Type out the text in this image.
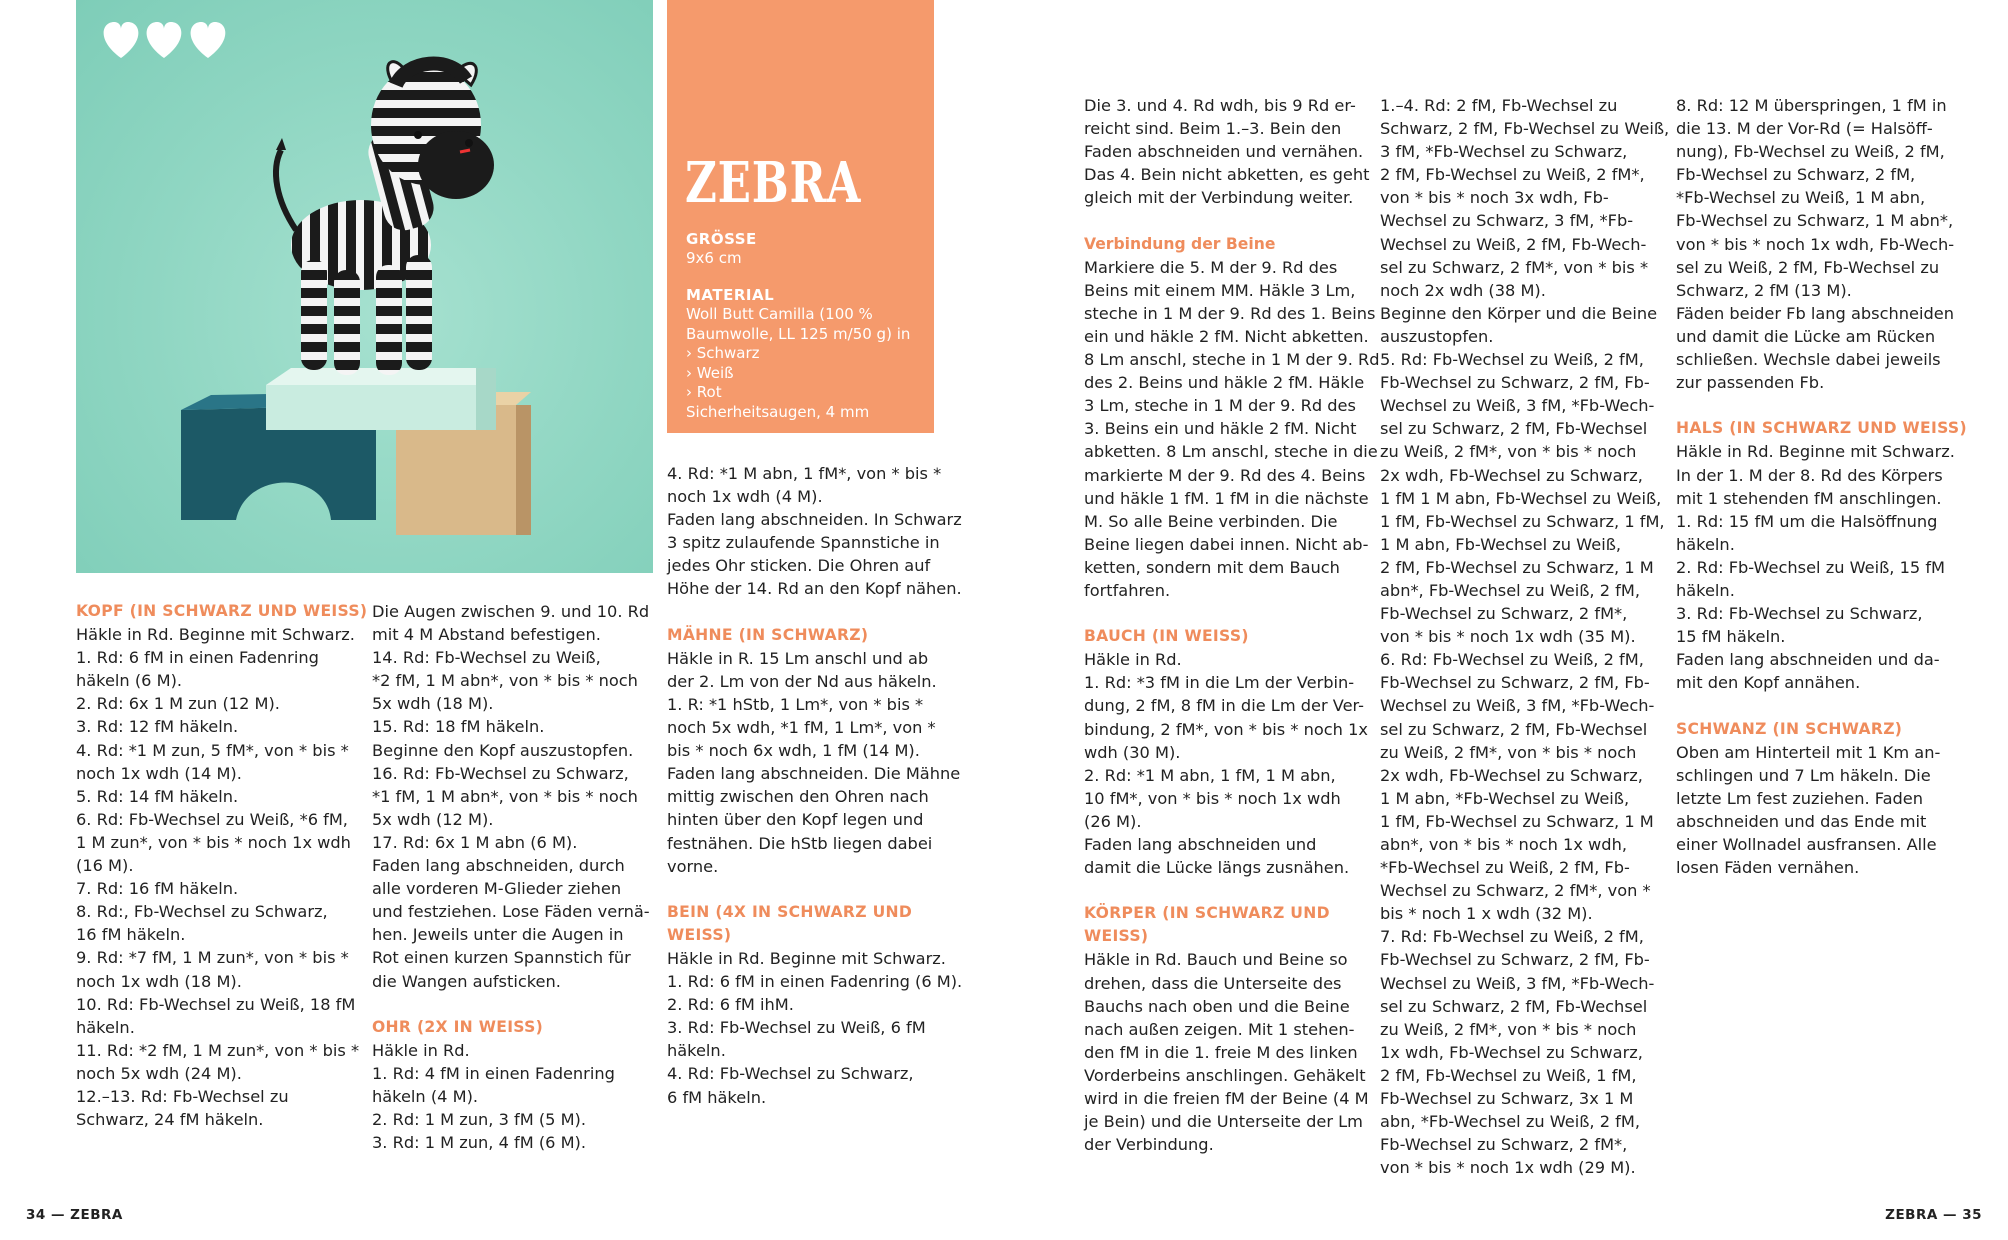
ZEBRA
GRÖSSE
9x6 cm
MATERIAL
Woll Butt Camilla (100 %
Baumwolle, LL 125 m/50 g) in
› Schwarz
› Weiß
› Rot
Sicherheitsaugen, 4 mm
KOPF (IN SCHWARZ UND WEISS)
Häkle in Rd. Beginne mit Schwarz.
1. Rd: 6 fM in einen Fadenring
häkeln (6 M).
2. Rd: 6x 1 M zun (12 M).
3. Rd: 12 fM häkeln.
4. Rd: *1 M zun, 5 fM*, von * bis *
noch 1x wdh (14 M).
5. Rd: 14 fM häkeln.
6. Rd: Fb-Wechsel zu Weiß, *6 fM,
1 M zun*, von * bis * noch 1x wdh
(16 M).
7. Rd: 16 fM häkeln.
8. Rd:, Fb-Wechsel zu Schwarz,
16 fM häkeln.
9. Rd: *7 fM, 1 M zun*, von * bis *
noch 1x wdh (18 M).
10. Rd: Fb-Wechsel zu Weiß, 18 fM
häkeln.
11. Rd: *2 fM, 1 M zun*, von * bis *
noch 5x wdh (24 M).
12.–13. Rd: Fb-Wechsel zu
Schwarz, 24 fM häkeln.
Die Augen zwischen 9. und 10. Rd
mit 4 M Abstand befestigen.
14. Rd: Fb-Wechsel zu Weiß,
*2 fM, 1 M abn*, von * bis * noch
5x wdh (18 M).
15. Rd: 18 fM häkeln.
Beginne den Kopf auszustopfen.
16. Rd: Fb-Wechsel zu Schwarz,
*1 fM, 1 M abn*, von * bis * noch
5x wdh (12 M).
17. Rd: 6x 1 M abn (6 M).
Faden lang abschneiden, durch
alle vorderen M-Glieder ziehen
und festziehen. Lose Fäden vernä-
hen. Jeweils unter die Augen in
Rot einen kurzen Spannstich für
die Wangen aufsticken.
OHR (2X IN WEISS)
Häkle in Rd.
1. Rd: 4 fM in einen Fadenring
häkeln (4 M).
2. Rd: 1 M zun, 3 fM (5 M).
3. Rd: 1 M zun, 4 fM (6 M).
4. Rd: *1 M abn, 1 fM*, von * bis *
noch 1x wdh (4 M).
Faden lang abschneiden. In Schwarz
3 spitz zulaufende Spannstiche in
jedes Ohr sticken. Die Ohren auf
Höhe der 14. Rd an den Kopf nähen.
MÄHNE (IN SCHWARZ)
Häkle in R. 15 Lm anschl und ab
der 2. Lm von der Nd aus häkeln.
1. R: *1 hStb, 1 Lm*, von * bis *
noch 5x wdh, *1 fM, 1 Lm*, von *
bis * noch 6x wdh, 1 fM (14 M).
Faden lang abschneiden. Die Mähne
mittig zwischen den Ohren nach
hinten über den Kopf legen und
festnähen. Die hStb liegen dabei
vorne.
BEIN (4X IN SCHWARZ UND
WEISS)
Häkle in Rd. Beginne mit Schwarz.
1. Rd: 6 fM in einen Fadenring (6 M).
2. Rd: 6 fM ihM.
3. Rd: Fb-Wechsel zu Weiß, 6 fM
häkeln.
4. Rd: Fb-Wechsel zu Schwarz,
6 fM häkeln.
Die 3. und 4. Rd wdh, bis 9 Rd er-
reicht sind. Beim 1.–3. Bein den
Faden abschneiden und vernähen.
Das 4. Bein nicht abketten, es geht
gleich mit der Verbindung weiter.
Verbindung der Beine
Markiere die 5. M der 9. Rd des
Beins mit einem MM. Häkle 3 Lm,
steche in 1 M der 9. Rd des 1. Beins
ein und häkle 2 fM. Nicht abketten.
8 Lm anschl, steche in 1 M der 9. Rd
des 2. Beins und häkle 2 fM. Häkle
3 Lm, steche in 1 M der 9. Rd des
3. Beins ein und häkle 2 fM. Nicht
abketten. 8 Lm anschl, steche in die
markierte M der 9. Rd des 4. Beins
und häkle 1 fM. 1 fM in die nächste
M. So alle Beine verbinden. Die
Beine liegen dabei innen. Nicht ab-
ketten, sondern mit dem Bauch
fortfahren.
BAUCH (IN WEISS)
Häkle in Rd.
1. Rd: *3 fM in die Lm der Verbin-
dung, 2 fM, 8 fM in die Lm der Ver-
bindung, 2 fM*, von * bis * noch 1x
wdh (30 M).
2. Rd: *1 M abn, 1 fM, 1 M abn,
10 fM*, von * bis * noch 1x wdh
(26 M).
Faden lang abschneiden und
damit die Lücke längs zusnähen.
KÖRPER (IN SCHWARZ UND
WEISS)
Häkle in Rd. Bauch und Beine so
drehen, dass die Unterseite des
Bauchs nach oben und die Beine
nach außen zeigen. Mit 1 stehen-
den fM in die 1. freie M des linken
Vorderbeins anschlingen. Gehäkelt
wird in die freien fM der Beine (4 M
je Bein) und die Unterseite der Lm
der Verbindung.
1.–4. Rd: 2 fM, Fb-Wechsel zu
Schwarz, 2 fM, Fb-Wechsel zu Weiß,
3 fM, *Fb-Wechsel zu Schwarz,
2 fM, Fb-Wechsel zu Weiß, 2 fM*,
von * bis * noch 3x wdh, Fb-
Wechsel zu Schwarz, 3 fM, *Fb-
Wechsel zu Weiß, 2 fM, Fb-Wech-
sel zu Schwarz, 2 fM*, von * bis *
noch 2x wdh (38 M).
Beginne den Körper und die Beine
auszustopfen.
5. Rd: Fb-Wechsel zu Weiß, 2 fM,
Fb-Wechsel zu Schwarz, 2 fM, Fb-
Wechsel zu Weiß, 3 fM, *Fb-Wech-
sel zu Schwarz, 2 fM, Fb-Wechsel
zu Weiß, 2 fM*, von * bis * noch
2x wdh, Fb-Wechsel zu Schwarz,
1 fM 1 M abn, Fb-Wechsel zu Weiß,
1 fM, Fb-Wechsel zu Schwarz, 1 fM,
1 M abn, Fb-Wechsel zu Weiß,
2 fM, Fb-Wechsel zu Schwarz, 1 M
abn*, Fb-Wechsel zu Weiß, 2 fM,
Fb-Wechsel zu Schwarz, 2 fM*,
von * bis * noch 1x wdh (35 M).
6. Rd: Fb-Wechsel zu Weiß, 2 fM,
Fb-Wechsel zu Schwarz, 2 fM, Fb-
Wechsel zu Weiß, 3 fM, *Fb-Wech-
sel zu Schwarz, 2 fM, Fb-Wechsel
zu Weiß, 2 fM*, von * bis * noch
2x wdh, Fb-Wechsel zu Schwarz,
1 M abn, *Fb-Wechsel zu Weiß,
1 fM, Fb-Wechsel zu Schwarz, 1 M
abn*, von * bis * noch 1x wdh,
*Fb-Wechsel zu Weiß, 2 fM, Fb-
Wechsel zu Schwarz, 2 fM*, von *
bis * noch 1 x wdh (32 M).
7. Rd: Fb-Wechsel zu Weiß, 2 fM,
Fb-Wechsel zu Schwarz, 2 fM, Fb-
Wechsel zu Weiß, 3 fM, *Fb-Wech-
sel zu Schwarz, 2 fM, Fb-Wechsel
zu Weiß, 2 fM*, von * bis * noch
1x wdh, Fb-Wechsel zu Schwarz,
2 fM, Fb-Wechsel zu Weiß, 1 fM,
Fb-Wechsel zu Schwarz, 3x 1 M
abn, *Fb-Wechsel zu Weiß, 2 fM,
Fb-Wechsel zu Schwarz, 2 fM*,
von * bis * noch 1x wdh (29 M).
8. Rd: 12 M überspringen, 1 fM in
die 13. M der Vor-Rd (= Halsöff-
nung), Fb-Wechsel zu Weiß, 2 fM,
Fb-Wechsel zu Schwarz, 2 fM,
*Fb-Wechsel zu Weiß, 1 M abn,
Fb-Wechsel zu Schwarz, 1 M abn*,
von * bis * noch 1x wdh, Fb-Wech-
sel zu Weiß, 2 fM, Fb-Wechsel zu
Schwarz, 2 fM (13 M).
Fäden beider Fb lang abschneiden
und damit die Lücke am Rücken
schließen. Wechsle dabei jeweils
zur passenden Fb.
HALS (IN SCHWARZ UND WEISS)
Häkle in Rd. Beginne mit Schwarz.
In der 1. M der 8. Rd des Körpers
mit 1 stehenden fM anschlingen.
1. Rd: 15 fM um die Halsöffnung
häkeln.
2. Rd: Fb-Wechsel zu Weiß, 15 fM
häkeln.
3. Rd: Fb-Wechsel zu Schwarz,
15 fM häkeln.
Faden lang abschneiden und da-
mit den Kopf annähen.
SCHWANZ (IN SCHWARZ)
Oben am Hinterteil mit 1 Km an-
schlingen und 7 Lm häkeln. Die
letzte Lm fest zuziehen. Faden
abschneiden und das Ende mit
einer Wollnadel ausfransen. Alle
losen Fäden vernähen.
34 — ZEBRA	ZEBRA — 35
